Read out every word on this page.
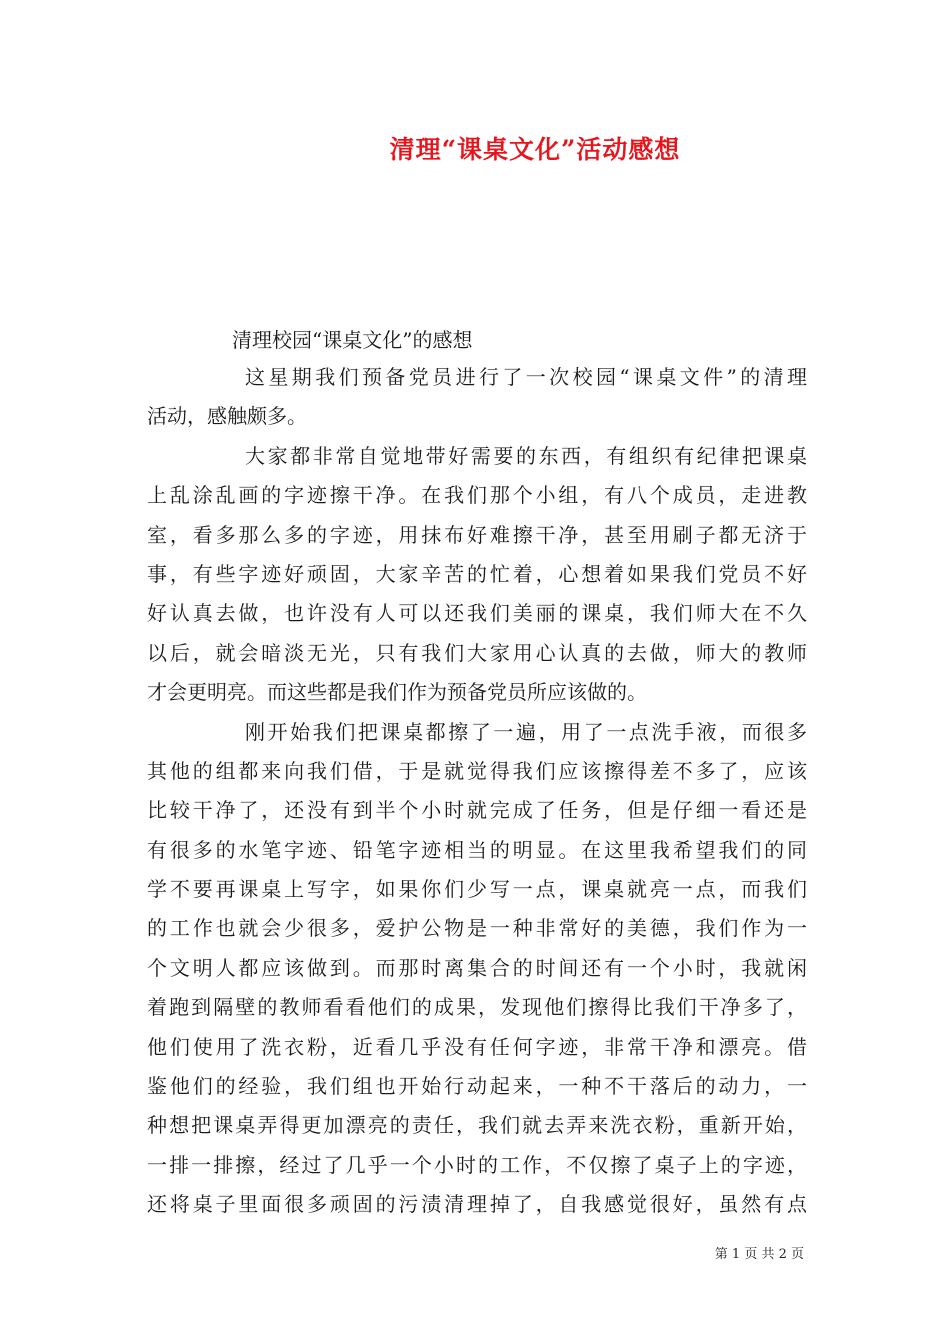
清理“课桌文化”活动感想
清理校园“课桌文化”的感想
这星期我们预备党员进行了一次校园“课桌文件”的清理
活动，感触颇多。
大家都非常自觉地带好需要的东西，有组织有纪律把课桌
上乱涂乱画的字迹擦干净。在我们那个小组，有八个成员，走进教
室，看多那么多的字迹，用抹布好难擦干净，甚至用刷子都无济于
事，有些字迹好顽固，大家辛苦的忙着，心想着如果我们党员不好
好认真去做，也许没有人可以还我们美丽的课桌，我们师大在不久
以后，就会暗淡无光，只有我们大家用心认真的去做，师大的教师
才会更明亮。而这些都是我们作为预备党员所应该做的。
刚开始我们把课桌都擦了一遍，用了一点洗手液，而很多
其他的组都来向我们借，于是就觉得我们应该擦得差不多了，应该
比较干净了，还没有到半个小时就完成了任务，但是仔细一看还是
有很多的水笔字迹、铅笔字迹相当的明显。在这里我希望我们的同
学不要再课桌上写字，如果你们少写一点，课桌就亮一点，而我们
的工作也就会少很多，爱护公物是一种非常好的美德，我们作为一
个文明人都应该做到。而那时离集合的时间还有一个小时，我就闲
着跑到隔壁的教师看看他们的成果，发现他们擦得比我们干净多了，
他们使用了洗衣粉，近看几乎没有任何字迹，非常干净和漂亮。借
鉴他们的经验，我们组也开始行动起来，一种不干落后的动力，一
种想把课桌弄得更加漂亮的责任，我们就去弄来洗衣粉，重新开始，
一排一排擦，经过了几乎一个小时的工作，不仅擦了桌子上的字迹，
还将桌子里面很多顽固的污渍清理掉了，自我感觉很好，虽然有点
第 1 页 共 2 页
